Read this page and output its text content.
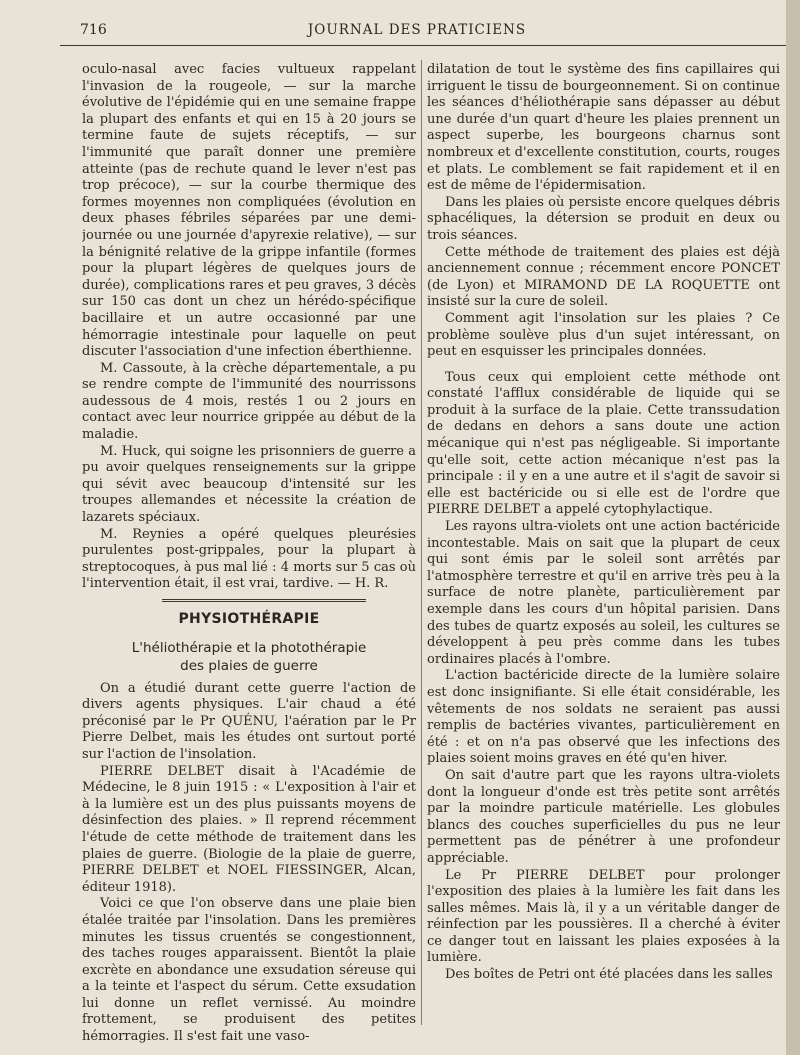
716	JOURNAL DES PRATICIENS

oculo-nasal avec facies vultueux rappelant l'invasion de la rougeole, — sur la marche évolutive de l'épidémie qui en une semaine frappe la plupart des enfants et qui en 15 à 20 jours se termine faute de sujets réceptifs, — sur l'immunité que paraît donner une première atteinte (pas de rechute quand le lever n'est pas trop précoce), — sur la courbe thermique des formes moyennes non compliquées (évolution en deux phases fébriles séparées par une demi-journée ou une journée d'apyrexie relative), — sur la bénignité relative de la grippe infantile (formes pour la plupart légères de quelques jours de durée), complications rares et peu graves, 3 décès sur 150 cas dont un chez un hérédo-spécifique bacillaire et un autre occasionné par une hémorragie intestinale pour laquelle on peut discuter l'association d'une infection éberthienne.

M. Cassoute, à la crèche départementale, a pu se rendre compte de l'immunité des nourrissons audessous de 4 mois, restés 1 ou 2 jours en contact avec leur nourrice grippée au début de la maladie.

M. Huck, qui soigne les prisonniers de guerre a pu avoir quelques renseignements sur la grippe qui sévit avec beaucoup d'intensité sur les troupes allemandes et nécessite la création de lazarets spéciaux.

M. Reynies a opéré quelques pleurésies purulentes post-grippales, pour la plupart à streptocoques, à pus mal lié : 4 morts sur 5 cas où l'intervention était, il est vrai, tardive. — H. R.

PHYSIOTHÉRAPIE
L'héliothérapie et la photothérapie
des plaies de guerre

On a étudié durant cette guerre l'action de divers agents physiques. L'air chaud a été préconisé par le Pr QUÉNU, l'aération par le Pr Pierre Delbet, mais les études ont surtout porté sur l'action de l'insolation.

PIERRE DELBET disait à l'Académie de Médecine, le 8 juin 1915 : « L'exposition à l'air et à la lumière est un des plus puissants moyens de désinfection des plaies. » Il reprend récemment l'étude de cette méthode de traitement dans les plaies de guerre. (Biologie de la plaie de guerre, PIERRE DELBET et NOEL FIESSINGER, Alcan, éditeur 1918).

Voici ce que l'on observe dans une plaie bien étalée traitée par l'insolation. Dans les premières minutes les tissus cruentés se congestionnent, des taches rouges apparaissent. Bientôt la plaie excrète en abondance une exsudation séreuse qui a la teinte et l'aspect du sérum. Cette exsudation lui donne un reflet vernissé. Au moindre frottement, se produisent des petites hémorragies. Il s'est fait une vaso-

dilatation de tout le système des fins capillaires qui irriguent le tissu de bourgeonnement. Si on continue les séances d'héliothérapie sans dépasser au début une durée d'un quart d'heure les plaies prennent un aspect superbe, les bourgeons charnus sont nombreux et d'excellente constitution, courts, rouges et plats. Le comblement se fait rapidement et il en est de même de l'épidermisation.

Dans les plaies où persiste encore quelques débris sphacéliques, la détersion se produit en deux ou trois séances.

Cette méthode de traitement des plaies est déjà anciennement connue ; récemment encore PONCET (de Lyon) et MIRAMOND DE LA ROQUETTE ont insisté sur la cure de soleil.

Comment agit l'insolation sur les plaies ? Ce problème soulève plus d'un sujet intéressant, on peut en esquisser les principales données.

Tous ceux qui emploient cette méthode ont constaté l'afflux considérable de liquide qui se produit à la surface de la plaie. Cette transsudation de dedans en dehors a sans doute une action mécanique qui n'est pas négligeable. Si importante qu'elle soit, cette action mécanique n'est pas la principale : il y en a une autre et il s'agit de savoir si elle est bactéricide ou si elle est de l'ordre que PIERRE DELBET a appelé cytophylactique.

Les rayons ultra-violets ont une action bactéricide incontestable. Mais on sait que la plupart de ceux qui sont émis par le soleil sont arrêtés par l'atmosphère terrestre et qu'il en arrive très peu à la surface de notre planète, particulièrement par exemple dans les cours d'un hôpital parisien. Dans des tubes de quartz exposés au soleil, les cultures se développent à peu près comme dans les tubes ordinaires placés à l'ombre.

L'action bactéricide directe de la lumière solaire est donc insignifiante. Si elle était considérable, les vêtements de nos soldats ne seraient pas aussi remplis de bactéries vivantes, particulièrement en été : et on n'a pas observé que les infections des plaies soient moins graves en été qu'en hiver.

On sait d'autre part que les rayons ultra-violets dont la longueur d'onde est très petite sont arrêtés par la moindre particule matérielle. Les globules blancs des couches superficielles du pus ne leur permettent pas de pénétrer à une profondeur appréciable.

Le Pr PIERRE DELBET pour prolonger l'exposition des plaies à la lumière les fait dans les salles mêmes. Mais là, il y a un véritable danger de réinfection par les poussières. Il a cherché à éviter ce danger tout en laissant les plaies exposées à la lumière.

Des boîtes de Petri ont été placées dans les salles
